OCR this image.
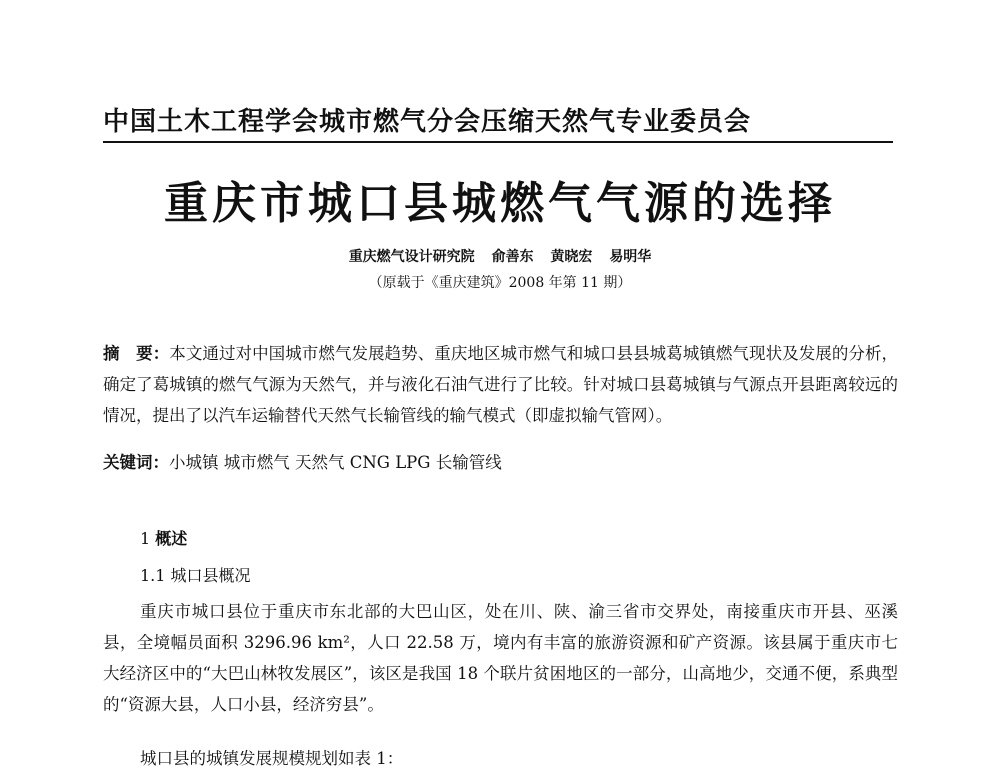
中国土木工程学会城市燃气分会压缩天然气专业委员会
重庆市城口县城燃气气源的选择
重庆燃气设计研究院 俞善东 黄晓宏 易明华
（原载于《重庆建筑》2008 年第 11 期）
摘　要：本文通过对中国城市燃气发展趋势、重庆地区城市燃气和城口县县城葛城镇燃气现状及发展的分析，确定了葛城镇的燃气气源为天然气，并与液化石油气进行了比较。针对城口县葛城镇与气源点开县距离较远的情况，提出了以汽车运输替代天然气长输管线的输气模式（即虚拟输气管网）。
关键词：小城镇 城市燃气 天然气 CNG LPG 长输管线
1 概述
1.1 城口县概况
重庆市城口县位于重庆市东北部的大巴山区，处在川、陕、渝三省市交界处，南接重庆市开县、巫溪县，全境幅员面积 3296.96 km²，人口 22.58 万，境内有丰富的旅游资源和矿产资源。该县属于重庆市七大经济区中的“大巴山林牧发展区”，该区是我国 18 个联片贫困地区的一部分，山高地少，交通不便，系典型的“资源大县，人口小县，经济穷县”。
城口县的城镇发展规模规划如表 1：
